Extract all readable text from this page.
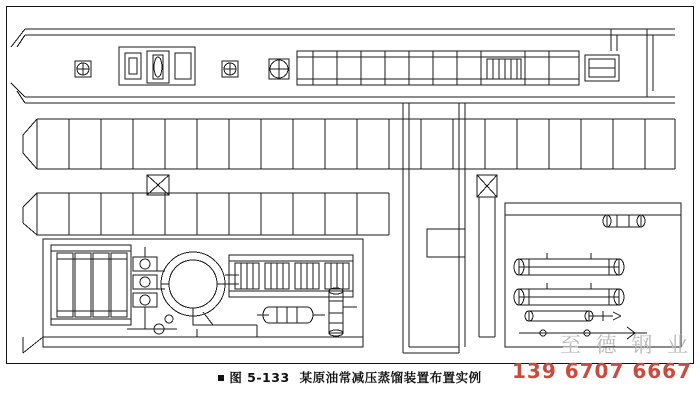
图 5-133 某原油常减压蒸馏装置布置实例
至 德 钢 业
139 6707 6667
